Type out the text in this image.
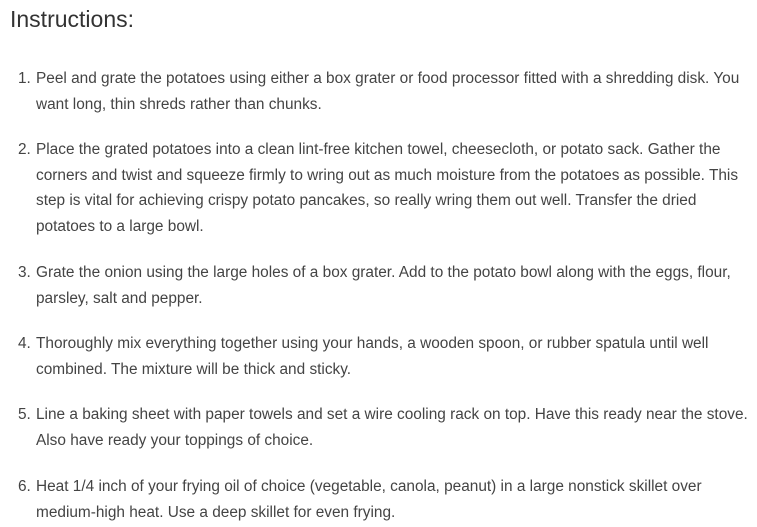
Instructions:
1. Peel and grate the potatoes using either a box grater or food processor fitted with a shredding disk. You want long, thin shreds rather than chunks.
2. Place the grated potatoes into a clean lint-free kitchen towel, cheesecloth, or potato sack. Gather the corners and twist and squeeze firmly to wring out as much moisture from the potatoes as possible. This step is vital for achieving crispy potato pancakes, so really wring them out well. Transfer the dried potatoes to a large bowl.
3. Grate the onion using the large holes of a box grater. Add to the potato bowl along with the eggs, flour, parsley, salt and pepper.
4. Thoroughly mix everything together using your hands, a wooden spoon, or rubber spatula until well combined. The mixture will be thick and sticky.
5. Line a baking sheet with paper towels and set a wire cooling rack on top. Have this ready near the stove. Also have ready your toppings of choice.
6. Heat 1/4 inch of your frying oil of choice (vegetable, canola, peanut) in a large nonstick skillet over medium-high heat. Use a deep skillet for even frying.
